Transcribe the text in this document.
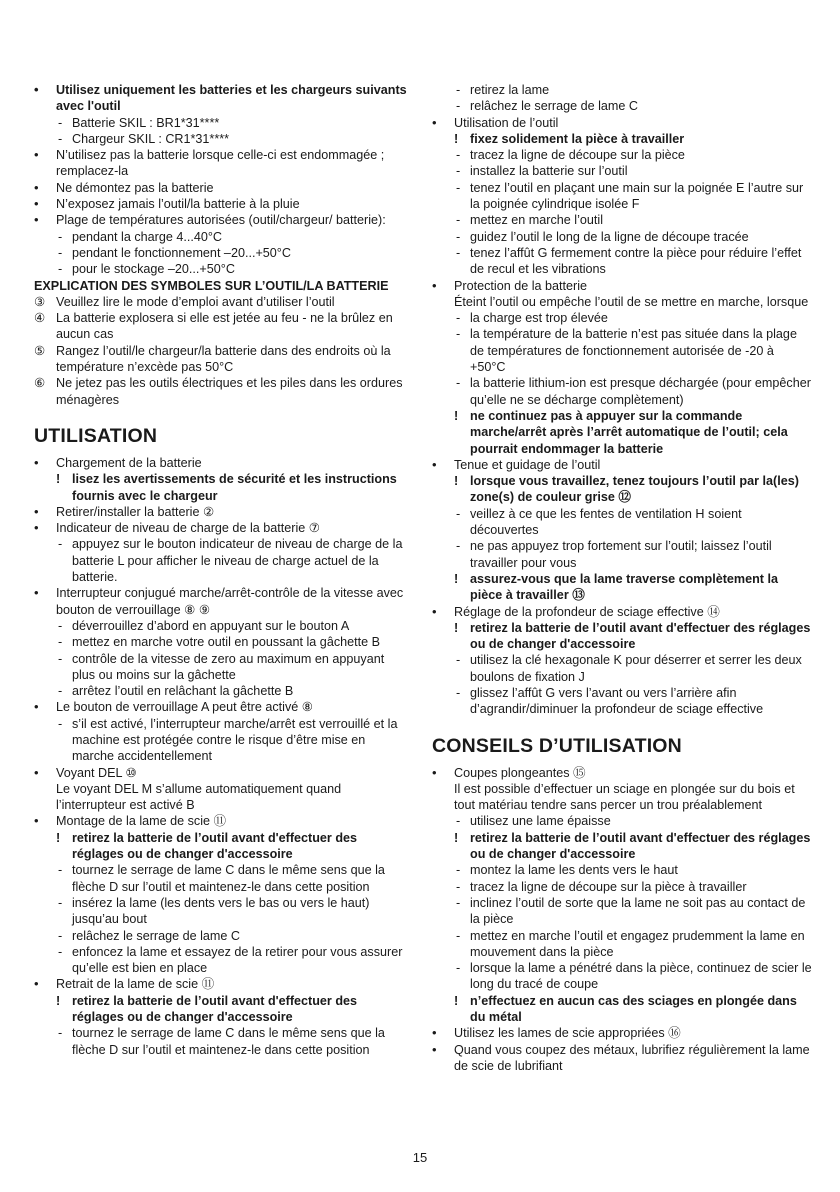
• Utilisez uniquement les batteries et les chargeurs suivants avec l'outil
- Batterie SKIL : BR1*31****
- Chargeur SKIL : CR1*31****
• N’utilisez pas la batterie lorsque celle-ci est endommagée ; remplacez-la
• Ne démontez pas la batterie
• N’exposez jamais l’outil/la batterie à la pluie
• Plage de températures autorisées (outil/chargeur/ batterie):
- pendant la charge 4...40°C
- pendant le fonctionnement –20...+50°C
- pour le stockage –20...+50°C
EXPLICATION DES SYMBOLES SUR L’OUTIL/LA BATTERIE
③ Veuillez lire le mode d’emploi avant d’utiliser l’outil
④ La batterie explosera si elle est jetée au feu - ne la brûlez en aucun cas
⑤ Rangez l’outil/le chargeur/la batterie dans des endroits où la température n’excède pas 50°C
⑥ Ne jetez pas les outils électriques et les piles dans les ordures ménagères
UTILISATION
• Chargement de la batterie
! lisez les avertissements de sécurité et les instructions fournis avec le chargeur
• Retirer/installer la batterie ②
• Indicateur de niveau de charge de la batterie ⑦
- appuyez sur le bouton indicateur de niveau de charge de la batterie L pour afficher le niveau de charge actuel de la batterie.
• Interrupteur conjugué marche/arrêt-contrôle de la vitesse avec bouton de verrouillage ⑧ ⑨
- déverrouillez d’abord en appuyant sur le bouton A
- mettez en marche votre outil en poussant la gâchette B
- contrôle de la vitesse de zero au maximum en appuyant plus ou moins sur la gâchette
- arrêtez l’outil en relâchant la gâchette B
• Le bouton de verrouillage A peut être activé ⑧
- s’il est activé, l’interrupteur marche/arrêt est verrouillé et la machine est protégée contre le risque d’être mise en marche accidentellement
• Voyant DEL ⑩
Le voyant DEL M s’allume automatiquement quand l’interrupteur est activé B
• Montage de la lame de scie ⑪
! retirez la batterie de l’outil avant d'effectuer des réglages ou de changer d'accessoire
- tournez le serrage de lame C dans le même sens que la flèche D sur l’outil et maintenez-le dans cette position
- insérez la lame (les dents vers le bas ou vers le haut) jusqu’au bout
- relâchez le serrage de lame C
- enfoncez la lame et essayez de la retirer pour vous assurer qu’elle est bien en place
• Retrait de la lame de scie ⑪
! retirez la batterie de l’outil avant d'effectuer des réglages ou de changer d'accessoire
- tournez le serrage de lame C dans le même sens que la flèche D sur l’outil et maintenez-le dans cette position
- retirez la lame
- relâchez le serrage de lame C
• Utilisation de l’outil
! fixez solidement la pièce à travailler
- tracez la ligne de découpe sur la pièce
- installez la batterie sur l’outil
- tenez l’outil en plaçant une main sur la poignée E l’autre sur la poignée cylindrique isolée F
- mettez en marche l’outil
- guidez l’outil le long de la ligne de découpe tracée
- tenez l’affût G fermement contre la pièce pour réduire l’effet de recul et les vibrations
• Protection de la batterie
Éteint l’outil ou empêche l’outil de se mettre en marche, lorsque
- la charge est trop élevée
- la température de la batterie n’est pas située dans la plage de températures de fonctionnement autorisée de -20 à +50°C
- la batterie lithium-ion est presque déchargée (pour empêcher qu’elle ne se décharge complètement)
! ne continuez pas à appuyer sur la commande marche/arrêt après l’arrêt automatique de l’outil; cela pourrait endommager la batterie
• Tenue et guidage de l’outil
! lorsque vous travaillez, tenez toujours l’outil par la(les) zone(s) de couleur grise ⑫
- veillez à ce que les fentes de ventilation H soient découvertes
- ne pas appuyez trop fortement sur l’outil; laissez l’outil travailler pour vous
! assurez-vous que la lame traverse complètement la pièce à travailler ⑬
• Réglage de la profondeur de sciage effective ⑭
! retirez la batterie de l’outil avant d'effectuer des réglages ou de changer d'accessoire
- utilisez la clé hexagonale K pour déserrer et serrer les deux boulons de fixation J
- glissez l’affût G vers l’avant ou vers l’arrière afin d’agrandir/diminuer la profondeur de sciage effective
CONSEILS D’UTILISATION
• Coupes plongeantes ⑮
Il est possible d’effectuer un sciage en plongée sur du bois et tout matériau tendre sans percer un trou préalablement
- utilisez une lame épaisse
! retirez la batterie de l’outil avant d'effectuer des réglages ou de changer d'accessoire
- montez la lame les dents vers le haut
- tracez la ligne de découpe sur la pièce à travailler
- inclinez l’outil de sorte que la lame ne soit pas au contact de la pièce
- mettez en marche l’outil et engagez prudemment la lame en mouvement dans la pièce
- lorsque la lame a pénétré dans la pièce, continuez de scier le long du tracé de coupe
! n’effectuez en aucun cas des sciages en plongée dans du métal
• Utilisez les lames de scie appropriées ⑯
• Quand vous coupez des métaux, lubrifiez régulièrement la lame de scie de lubrifiant
15
